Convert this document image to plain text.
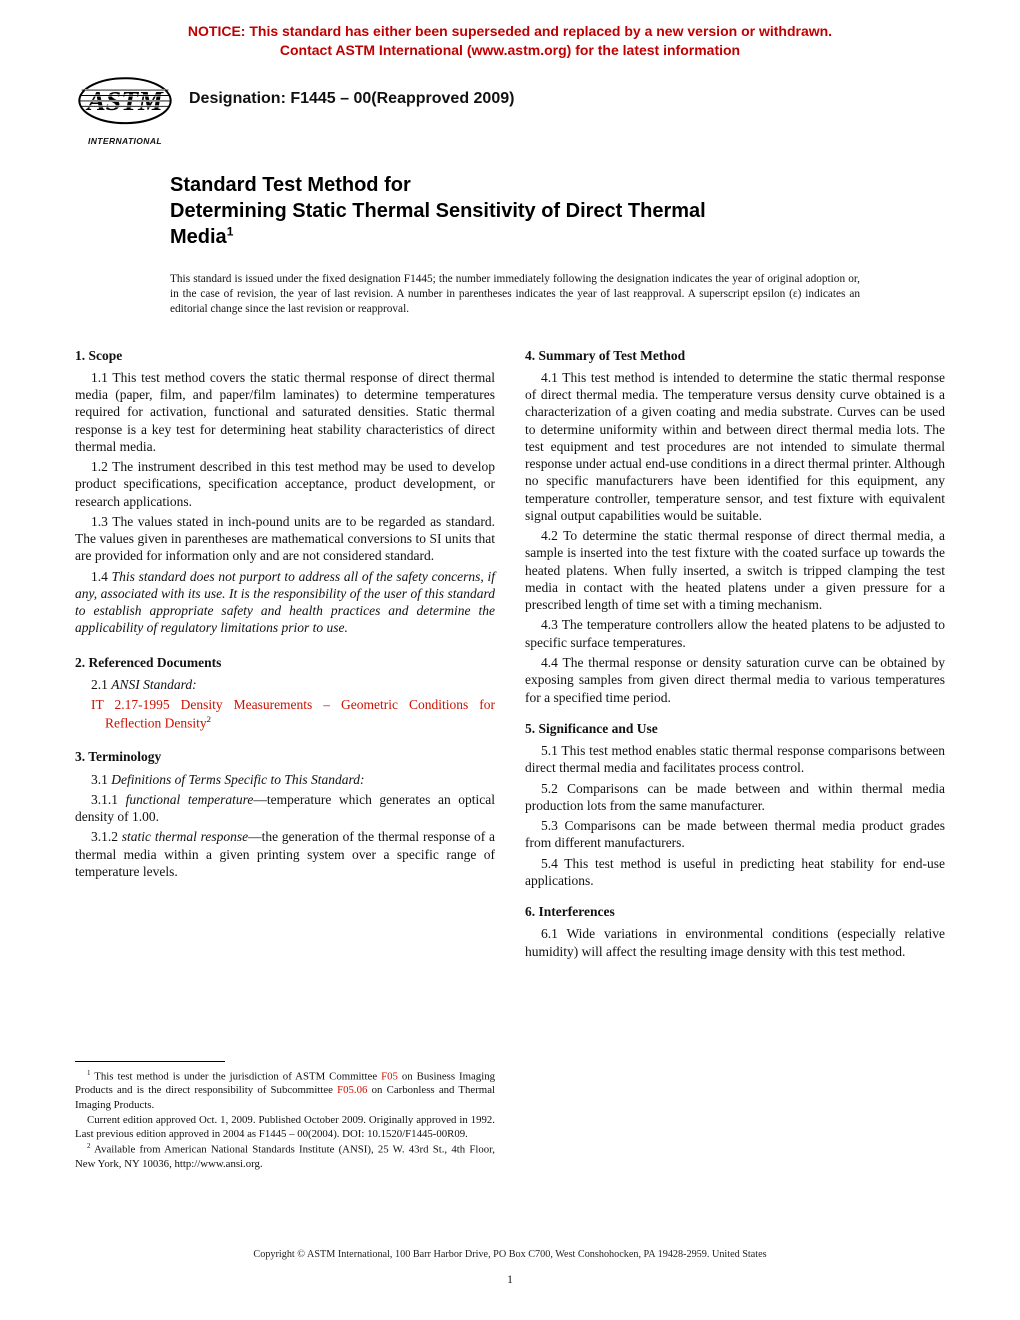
NOTICE: This standard has either been superseded and replaced by a new version or withdrawn.
Contact ASTM International (www.astm.org) for the latest information
INTERNATIONAL
Designation: F1445 – 00(Reapproved 2009)
Standard Test Method for
Determining Static Thermal Sensitivity of Direct Thermal
Media$^1$

This standard is issued under the fixed designation F1445; the number immediately following the designation indicates the year of original adoption or, in the case of revision, the year of last revision. A number in parentheses indicates the year of last reapproval. A superscript epsilon (ε) indicates an editorial change since the last revision or reapproval.

1. Scope

1.1 This test method covers the static thermal response of direct thermal media (paper, film, and paper/film laminates) to determine temperatures required for activation, functional and saturated densities. Static thermal response is a key test for determining heat stability characteristics of direct thermal media.

1.2 The instrument described in this test method may be used to develop product specifications, specification acceptance, product development, or research applications.

1.3 The values stated in inch-pound units are to be regarded as standard. The values given in parentheses are mathematical conversions to SI units that are provided for information only and are not considered standard.

1.4 This standard does not purport to address all of the safety concerns, if any, associated with its use. It is the responsibility of the user of this standard to establish appropriate safety and health practices and determine the applicability of regulatory limitations prior to use.

2. Referenced Documents

2.1 ANSI Standard:

IT 2.17-1995 Density Measurements – Geometric Conditions for Reflection Density$^2$

3. Terminology

3.1 Definitions of Terms Specific to This Standard:

3.1.1 functional temperature—temperature which generates an optical density of 1.00.

3.1.2 static thermal response—the generation of the thermal response of a thermal media within a given printing system over a specific range of temperature levels.

$^1$ This test method is under the jurisdiction of ASTM Committee F05 on Business Imaging Products and is the direct responsibility of Subcommittee F05.06 on Carbonless and Thermal Imaging Products.

Current edition approved Oct. 1, 2009. Published October 2009. Originally approved in 1992. Last previous edition approved in 2004 as F1445 – 00(2004). DOI: 10.1520/F1445-00R09.

$^2$ Available from American National Standards Institute (ANSI), 25 W. 43rd St., 4th Floor, New York, NY 10036, http://www.ansi.org.

4. Summary of Test Method

4.1 This test method is intended to determine the static thermal response of direct thermal media. The temperature versus density curve obtained is a characterization of a given coating and media substrate. Curves can be used to determine uniformity within and between direct thermal media lots. The test equipment and test procedures are not intended to simulate thermal response under actual end-use conditions in a direct thermal printer. Although no specific manufacturers have been identified for this equipment, any temperature controller, temperature sensor, and test fixture with equivalent signal output capabilities would be suitable.

4.2 To determine the static thermal response of direct thermal media, a sample is inserted into the test fixture with the coated surface up towards the heated platens. When fully inserted, a switch is tripped clamping the test media in contact with the heated platens under a given pressure for a prescribed length of time set with a timing mechanism.

4.3 The temperature controllers allow the heated platens to be adjusted to specific surface temperatures.

4.4 The thermal response or density saturation curve can be obtained by exposing samples from given direct thermal media to various temperatures for a specified time period.

5. Significance and Use

5.1 This test method enables static thermal response comparisons between direct thermal media and facilitates process control.

5.2 Comparisons can be made between and within thermal media production lots from the same manufacturer.

5.3 Comparisons can be made between thermal media product grades from different manufacturers.

5.4 This test method is useful in predicting heat stability for end-use applications.

6. Interferences

6.1 Wide variations in environmental conditions (especially relative humidity) will affect the resulting image density with this test method.

Copyright © ASTM International, 100 Barr Harbor Drive, PO Box C700, West Conshohocken, PA 19428-2959. United States
1
